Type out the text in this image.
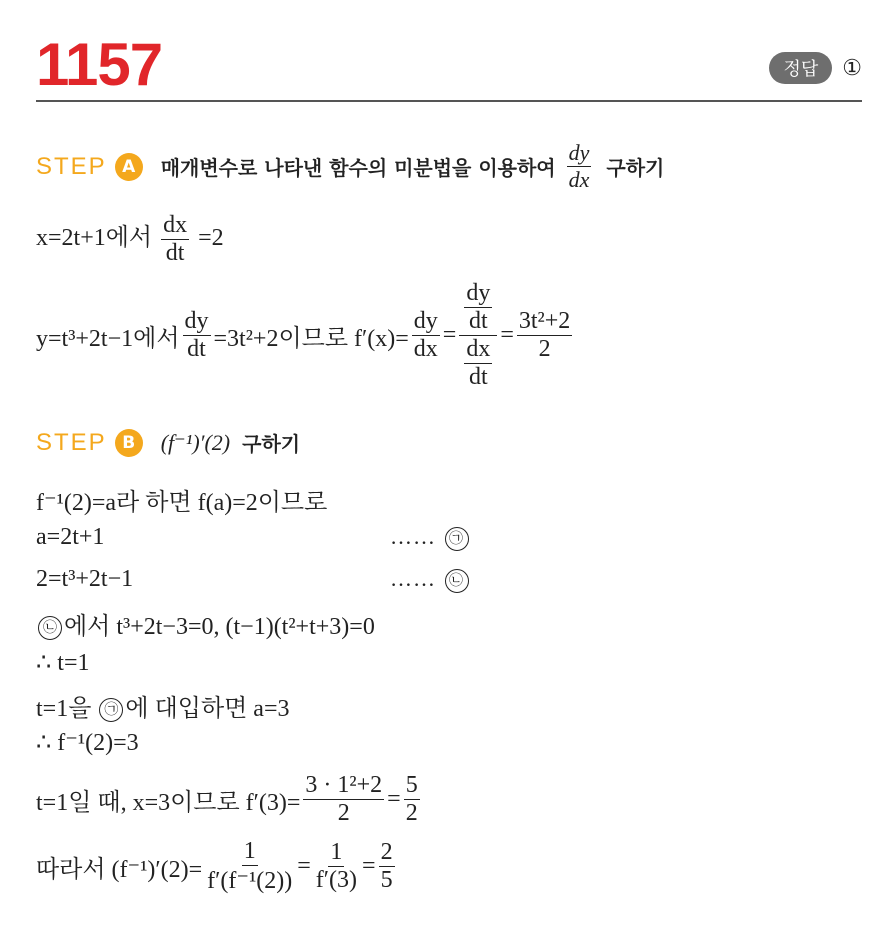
1157	정답	①
STEP A	매개변수로 나타낸 함수의 미분법을 이용하여 $\frac{dy}{dx}$ 구하기
x=2t+1에서 $\frac{dx}{dt} =2$
y=t³+2t−1에서 $\frac{dy}{dt} =3t^2+2$이므로 $f'(x)= \frac{dy}{dx} = \frac{\frac{dy}{dt}}{\frac{dx}{dt}} = \frac{\text{3t²+2}}{2}$
STEP B	(f⁻¹)′(2) 구하기
f⁻¹(2)=a라 하면 f(a)=2이므로
a=2t+1	…… ㉠
2=t³+2t−1	…… ㉡
㉡ 에서 t³+2t−3=0, (t−1)(t²+t+3)=0
∴ t=1
t=1을 ㉠ 에 대입하면 a=3
∴ f⁻¹(2)=3
t=1일 때, x=3이므로 $f'(3)= \frac{\text{3 · 1²+2}}{2} = \frac{5}{2}$
따라서 $(f^{-1})'(2)= \frac{1}{\text{f′(f⁻¹(2))}} = \frac{1}{f'(3)} = \frac{2}{5}$
